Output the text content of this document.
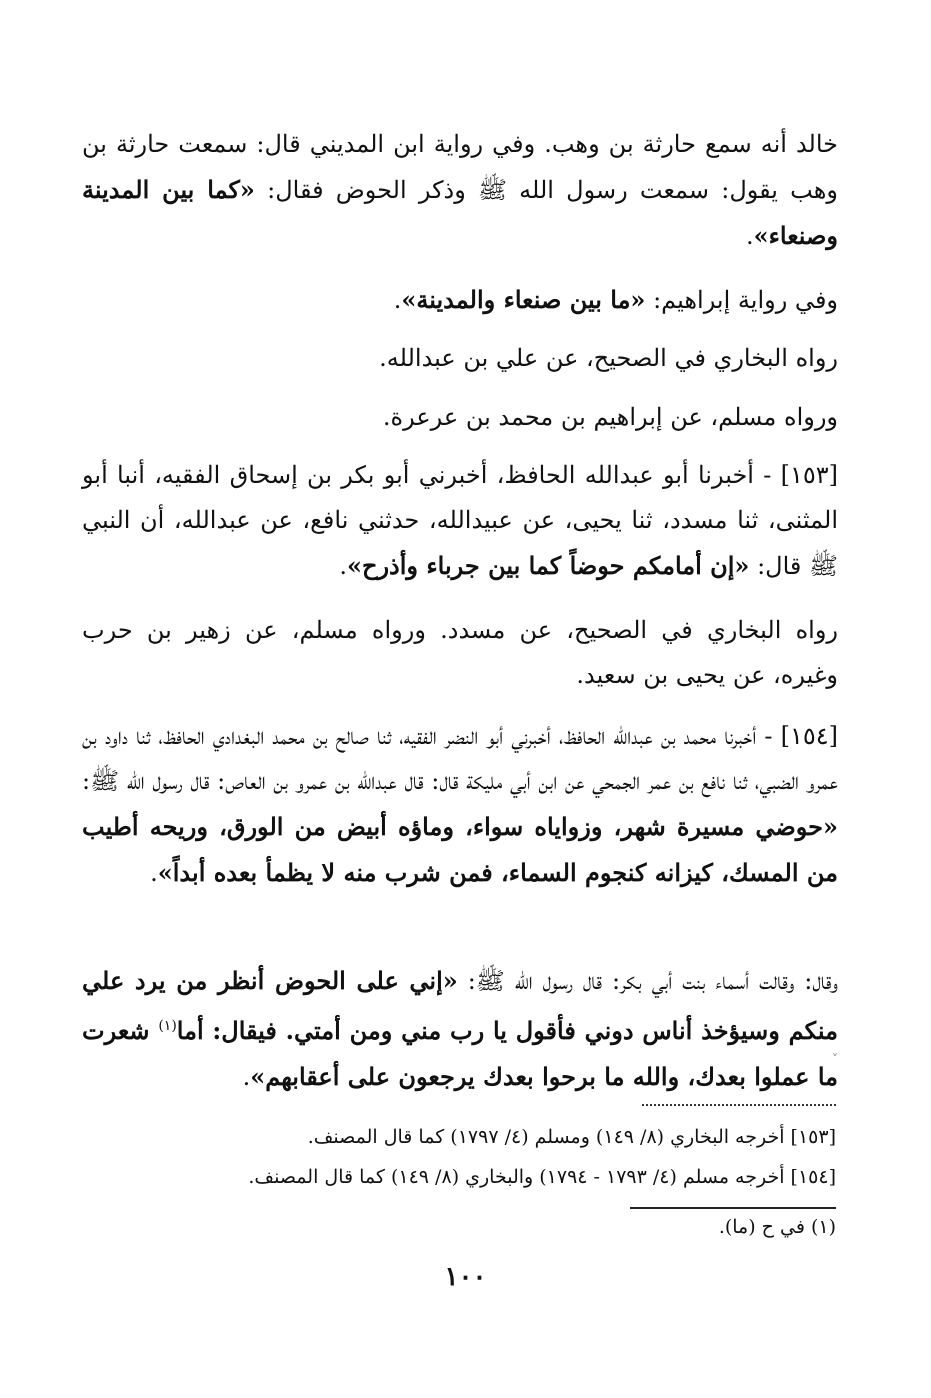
خالد أنه سمع حارثة بن وهب. وفي رواية ابن المديني قال: سمعت حارثة بن وهب يقول: سمعت رسول الله ﷺ وذكر الحوض فقال: «كما بين المدينة وصنعاء».
وفي رواية إبراهيم: «ما بين صنعاء والمدينة».
رواه البخاري في الصحيح، عن علي بن عبدالله.
ورواه مسلم، عن إبراهيم بن محمد بن عرعرة.
[١٥٣] - أخبرنا أبو عبدالله الحافظ، أخبرني أبو بكر بن إسحاق الفقيه، أنبا أبو المثنى، ثنا مسدد، ثنا يحيى، عن عبيدالله، حدثني نافع، عن عبدالله، أن النبي ﷺ قال: «إن أمامكم حوضاً كما بين جرباء وأذرح».
رواه البخاري في الصحيح، عن مسدد. ورواه مسلم، عن زهير بن حرب وغيره، عن يحيى بن سعيد.
[١٥٤] - أخبرنا محمد بن عبدالله الحافظ، أخبرني أبو النضر الفقيه، ثنا صالح بن محمد البغدادي الحافظ، ثنا داود بن عمرو الضبي، ثنا نافع بن عمر الجمحي عن ابن أبي مليكة قال: قال عبدالله بن عمرو بن العاص: قال رسول الله ﷺ: «حوضي مسيرة شهر، وزواياه سواء، وماؤه أبيض من الورق، وريحه أطيب من المسك، كيزانه كنجوم السماء، فمن شرب منه لا يظمأ بعده أبداً».
وقال: وقالت أسماء بنت أبي بكر: قال رسول الله ﷺ: «إني على الحوض أنظر من يرد علي منكم وسيؤخذ أناس دوني فأقول يا رب مني ومن أمتي. فيقال: أما$^{(١)}$ شعرت ما عملوا بعدك، والله ما برحوا بعدك يرجعون على أعقابهم».
˅
[١٥٣] أخرجه البخاري (٨/ ١٤٩) ومسلم (٤/ ١٧٩٧) كما قال المصنف.
[١٥٤] أخرجه مسلم (٤/ ١٧٩٣ - ١٧٩٤) والبخاري (٨/ ١٤٩) كما قال المصنف.
(١) في ح (ما).
١٠٠
